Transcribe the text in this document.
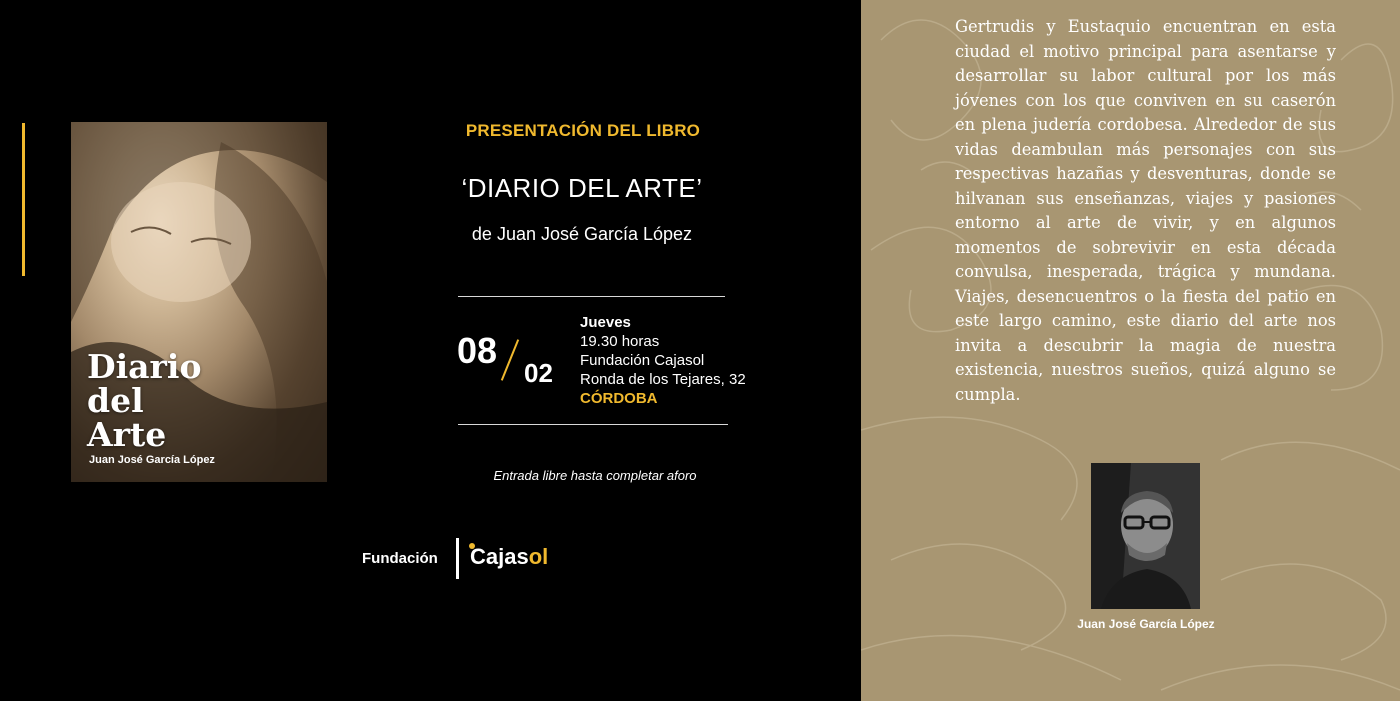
Diario
del
Arte
Juan José García López
PRESENTACIÓN DEL LIBRO
‘DIARIO DEL ARTE’
de Juan José García López
08
02
Jueves
19.30 horas
Fundación Cajasol
Ronda de los Tejares, 32
CÓRDOBA
Entrada libre hasta completar aforo
Fundación Cajasol
Gertrudis y Eustaquio encuentran en esta ciudad el motivo principal para asentarse y desarrollar su labor cultural por los más jóvenes con los que conviven en su caserón en plena judería cordobesa. Alrededor de sus vidas deambulan más personajes con sus respectivas hazañas y desventuras, donde se hilvanan sus enseñanzas, viajes y pasiones entorno al arte de vivir, y en algunos momentos de sobrevivir en esta década convulsa, inesperada, trágica y mundana. Viajes, desencuentros o la fiesta del patio en este largo camino, este diario del arte nos invita a descubrir la magia de nuestra existencia, nuestros sueños, quizá alguno se cumpla.
Juan José García López
